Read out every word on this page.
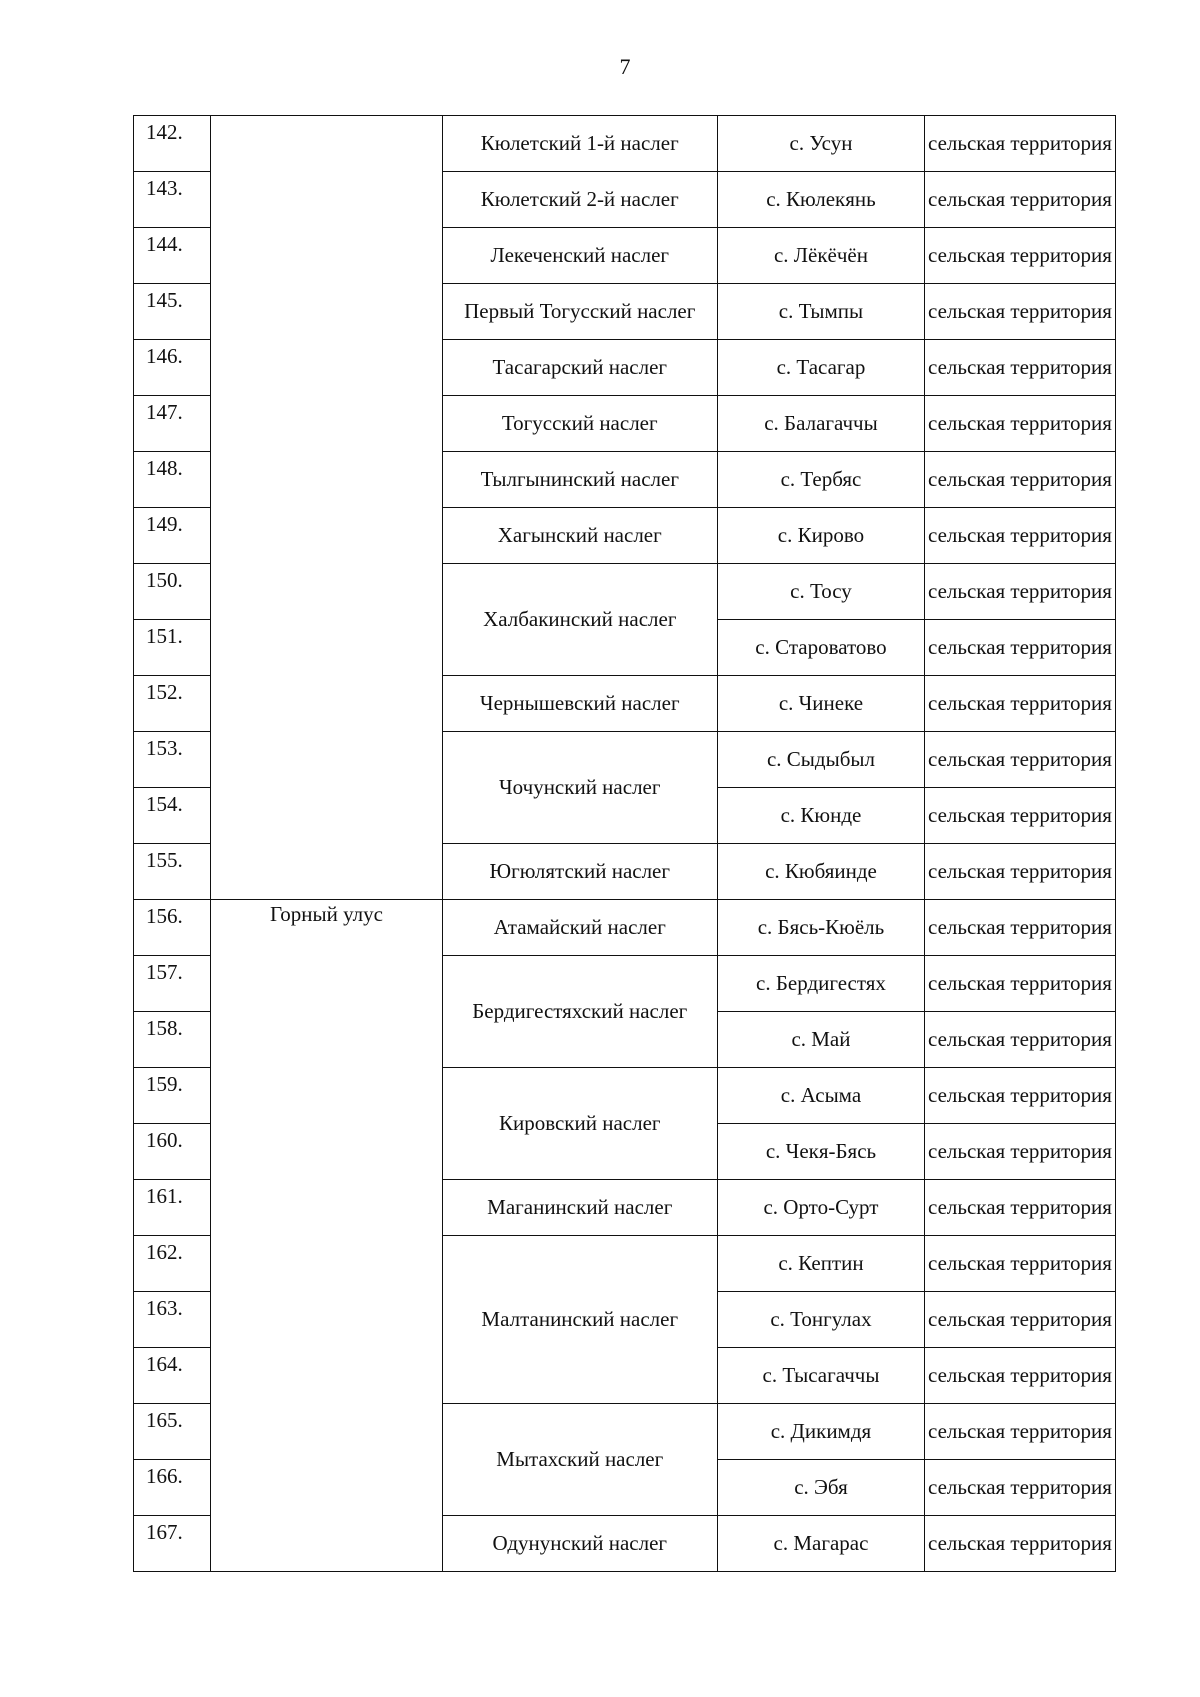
7
142.		Кюлетский 1-й наслег	с. Усун	сельская территория
143.		Кюлетский 2-й наслег	с. Кюлекянь	сельская территория
144.		Лекеченский наслег	с. Лёкёчён	сельская территория
145.		Первый Тогусский наслег	с. Тымпы	сельская территория
146.		Тасагарский наслег	с. Тасагар	сельская территория
147.		Тогусский наслег	с. Балагаччы	сельская территория
148.		Тылгынинский наслег	с. Тербяс	сельская территория
149.		Хагынский наслег	с. Кирово	сельская территория
150.		Халбакинский наслег	с. Тосу	сельская территория
151.			с. Староватово	сельская территория
152.		Чернышевский наслег	с. Чинеке	сельская территория
153.		Чочунский наслег	с. Сыдыбыл	сельская территория
154.			с. Кюнде	сельская территория
155.		Югюлятский наслег	с. Кюбяинде	сельская территория
156.	Горный улус	Атамайский наслег	с. Бясь-Кюёль	сельская территория
157.		Бердигестяхский наслег	с. Бердигестях	сельская территория
158.			с. Май	сельская территория
159.		Кировский наслег	с. Асыма	сельская территория
160.			с. Чекя-Бясь	сельская территория
161.		Маганинский наслег	с. Орто-Сурт	сельская территория
162.		Малтанинский наслег	с. Кептин	сельская территория
163.			с. Тонгулах	сельская территория
164.			с. Тысагаччы	сельская территория
165.		Мытахский наслег	с. Дикимдя	сельская территория
166.			с. Эбя	сельская территория
167.		Одунунский наслег	с. Магарас	сельская территория
